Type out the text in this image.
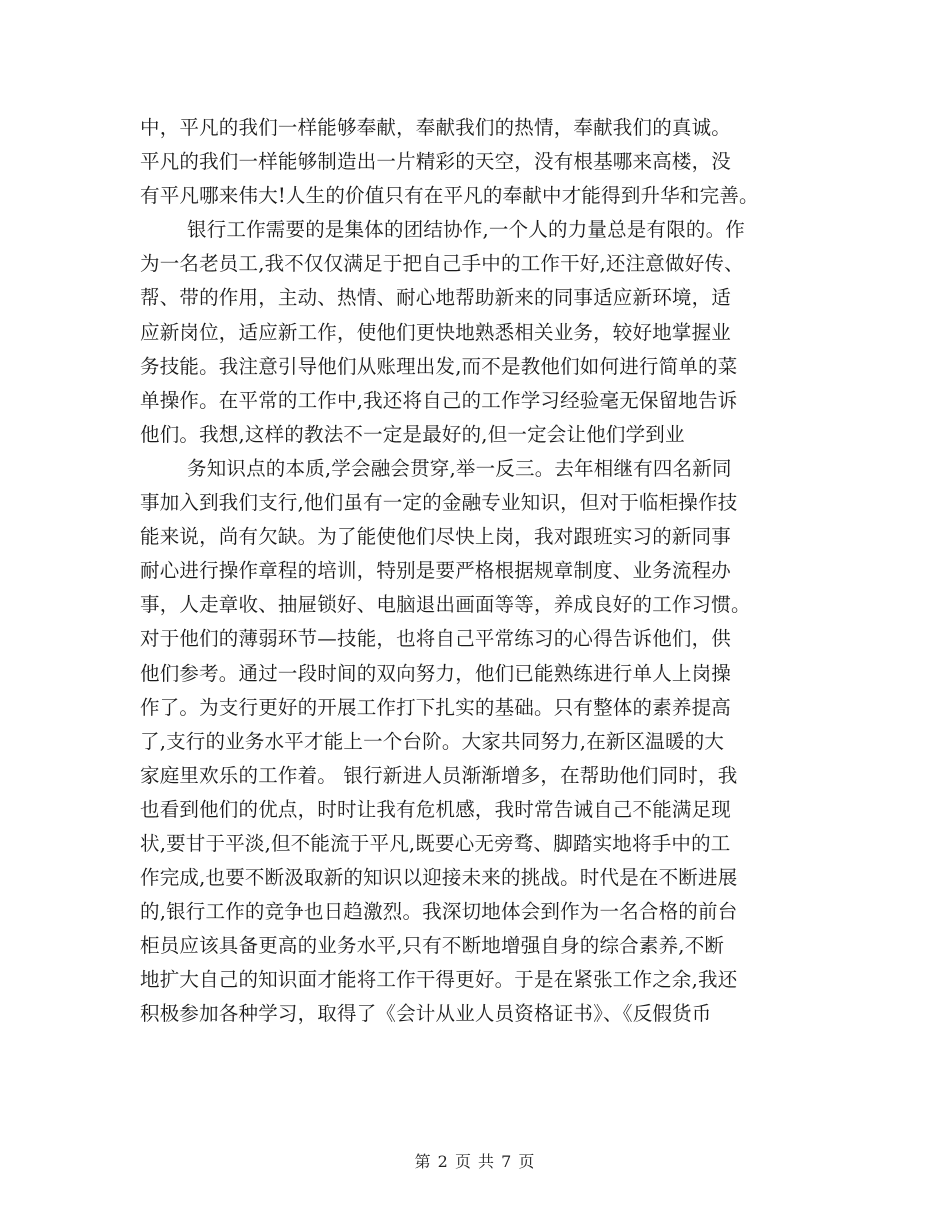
中，平凡的我们一样能够奉献，奉献我们的热情，奉献我们的真诚。
平凡的我们一样能够制造出一片精彩的天空，没有根基哪来高楼，没
有平凡哪来伟大!人生的价值只有在平凡的奉献中才能得到升华和完善。
银行工作需要的是集体的团结协作,一个人的力量总是有限的。作
为一名老员工,我不仅仅满足于把自己手中的工作干好,还注意做好传、
帮、带的作用，主动、热情、耐心地帮助新来的同事适应新环境，适
应新岗位，适应新工作，使他们更快地熟悉相关业务，较好地掌握业
务技能。我注意引导他们从账理出发,而不是教他们如何进行简单的菜
单操作。在平常的工作中,我还将自己的工作学习经验毫无保留地告诉
他们。我想,这样的教法不一定是最好的,但一定会让他们学到业
务知识点的本质,学会融会贯穿,举一反三。去年相继有四名新同
事加入到我们支行,他们虽有一定的金融专业知识，但对于临柜操作技
能来说，尚有欠缺。为了能使他们尽快上岗，我对跟班实习的新同事
耐心进行操作章程的培训，特别是要严格根据规章制度、业务流程办
事，人走章收、抽屉锁好、电脑退出画面等等，养成良好的工作习惯。
对于他们的薄弱环节—技能，也将自己平常练习的心得告诉他们，供
他们参考。通过一段时间的双向努力，他们已能熟练进行单人上岗操
作了。为支行更好的开展工作打下扎实的基础。只有整体的素养提高
了,支行的业务水平才能上一个台阶。大家共同努力,在新区温暖的大
家庭里欢乐的工作着。 银行新进人员渐渐增多，在帮助他们同时，我
也看到他们的优点，时时让我有危机感，我时常告诫自己不能满足现
状,要甘于平淡,但不能流于平凡,既要心无旁骛、脚踏实地将手中的工
作完成,也要不断汲取新的知识以迎接未来的挑战。时代是在不断进展
的,银行工作的竞争也日趋激烈。我深切地体会到作为一名合格的前台
柜员应该具备更高的业务水平,只有不断地增强自身的综合素养,不断
地扩大自己的知识面才能将工作干得更好。于是在紧张工作之余,我还
积极参加各种学习，取得了《会计从业人员资格证书》、《反假货币
第 2 页 共 7 页
